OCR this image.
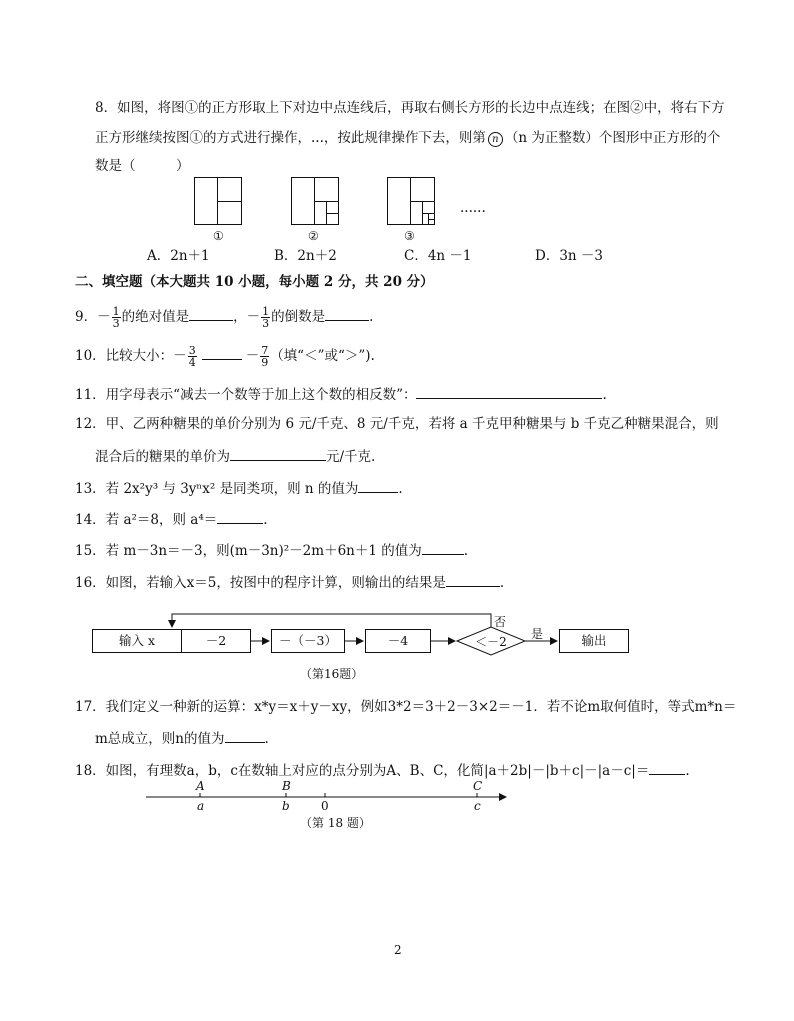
8．如图，将图①的正方形取上下对边中点连线后，再取右侧长方形的长边中点连线；在图②中，将右下方
正方形继续按图①的方式进行操作，...，按此规律操作下去，则第 n （n 为正整数）个图形中正方形的个
数是（　　　）
①	②	③
......
A．2n＋1	B．2n＋2	C．4n －1	D．3n －3
二、填空题（本大题共 10 小题，每小题 2 分，共 20 分）
9．－ $\frac{1}{3}$ 的绝对值是	，－ $\frac{1}{3}$ 的倒数是	.
10．比较大小：－ $\frac{3}{4}$	－ $\frac{7}{9}$ （填“＜”或“＞”).
11．用字母表示“减去一个数等于加上这个数的相反数”：	.
12．甲、乙两种糖果的单价分别为 6 元/千克、8 元/千克，若将 a 千克甲种糖果与 b 千克乙种糖果混合，则
混合后的糖果的单价为	元/千克.
13．若 2x²y³ 与 3yⁿx² 是同类项，则 n 的值为	.
14．若 a²＝8，则 a⁴＝	.
15．若 m－3n＝－3，则(m－3n)²－2m＋6n＋1 的值为	.
16．如图，若输入x＝5，按图中的程序计算，则输出的结果是	.
输入 x	－2	－（－3）	－4	＜－2	输出
否
是
（第16题）
17．我们定义一种新的运算：x*y＝x＋y－xy，例如3*2＝3＋2－3×2＝－1．若不论m取何值时，等式m*n＝
m总成立，则n的值为	.
18．如图，有理数a，b，c在数轴上对应的点分别为A、B、C，化简|a＋2b|－|b＋c|－|a－c|＝	.
A	B	C
a	b	0	c
（第 18 题）
2
